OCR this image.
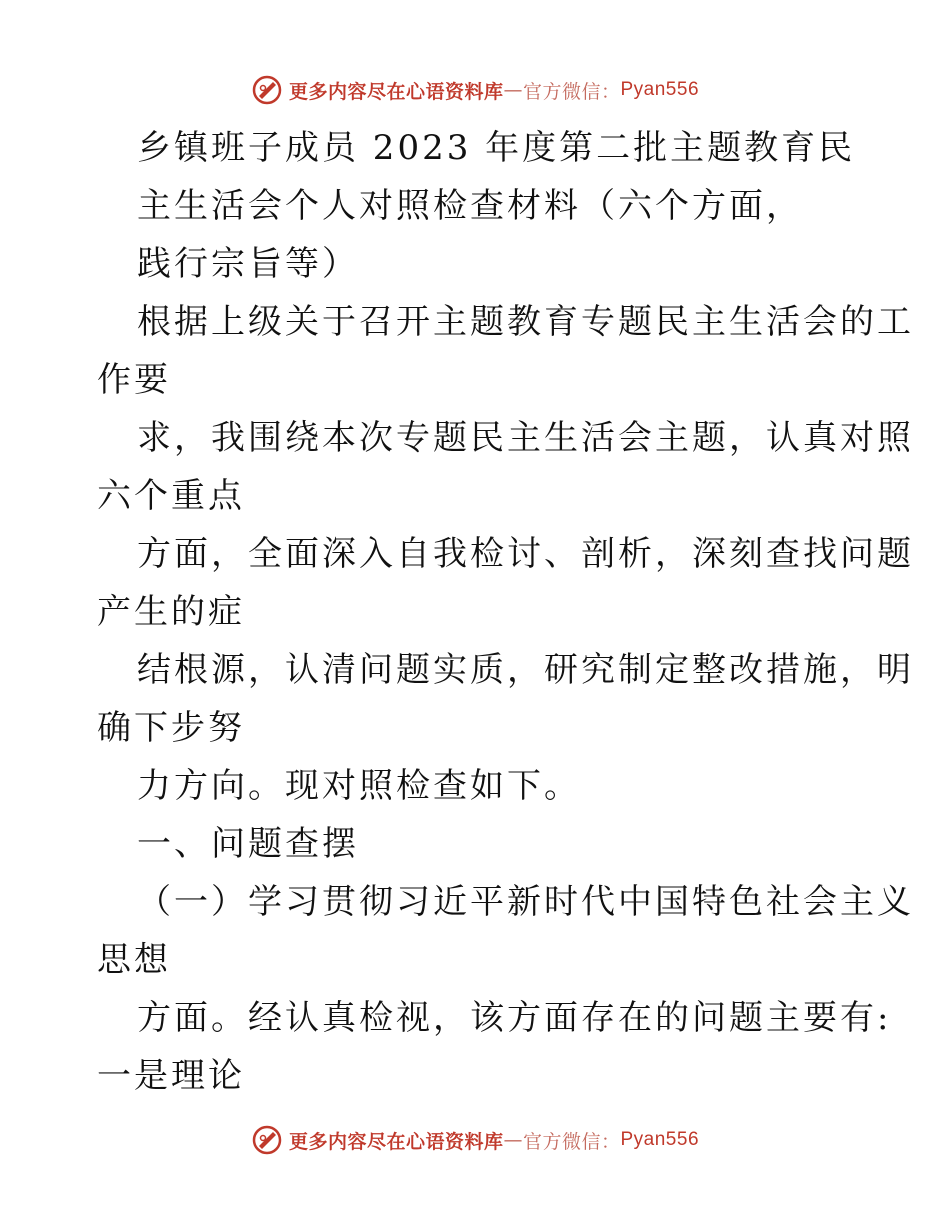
更多内容尽在心语资料库 — 官方微信： Pyan556
乡镇班子成员 2023 年度第二批主题教育民
主生活会个人对照检查材料（六个方面，
践行宗旨等）
根据上级关于召开主题教育专题民主生活会的工
作要
求，我围绕本次专题民主生活会主题，认真对照
六个重点
方面，全面深入自我检讨、剖析，深刻查找问题
产生的症
结根源，认清问题实质，研究制定整改措施，明
确下步努
力方向。现对照检查如下。
一、问题查摆
（一）学习贯彻习近平新时代中国特色社会主义
思想
方面。经认真检视，该方面存在的问题主要有:
一是理论
更多内容尽在心语资料库 — 官方微信： Pyan556
